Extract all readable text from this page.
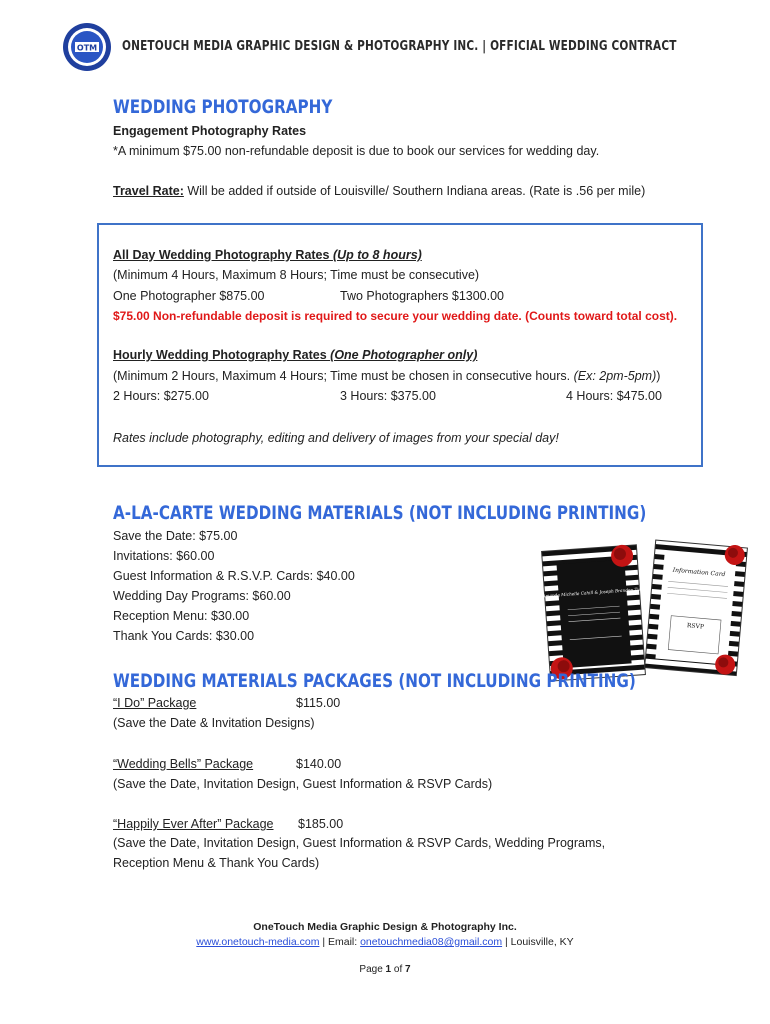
OTM ONETOUCH MEDIA GRAPHIC DESIGN & PHOTOGRAPHY INC. | OFFICIAL WEDDING CONTRACT
WEDDING PHOTOGRAPHY
Engagement Photography Rates
*A minimum $75.00 non-refundable deposit is due to book our services for wedding day.
Travel Rate: Will be added if outside of Louisville/ Southern Indiana areas. (Rate is .56 per mile)
All Day Wedding Photography Rates (Up to 8 hours)
(Minimum 4 Hours, Maximum 8 Hours; Time must be consecutive)
One Photographer $875.00	Two Photographers $1300.00
$75.00 Non-refundable deposit is required to secure your wedding date. (Counts toward total cost).
Hourly Wedding Photography Rates (One Photographer only)
(Minimum 2 Hours, Maximum 4 Hours; Time must be chosen in consecutive hours. (Ex: 2pm-5pm))
2 Hours: $275.00	3 Hours: $375.00	4 Hours: $475.00
Rates include photography, editing and delivery of images from your special day!
A-LA-CARTE WEDDING MATERIALS (NOT INCLUDING PRINTING)
Save the Date: $75.00
Invitations: $60.00
Guest Information & R.S.V.P. Cards: $40.00
Wedding Day Programs: $60.00
Reception Menu: $30.00
Thank You Cards: $30.00
Amanda Michelle Cahill & Joseph Brandon Tull
Information Card
RSVP
WEDDING MATERIALS PACKAGES (NOT INCLUDING PRINTING)
“I Do” Package	$115.00
(Save the Date & Invitation Designs)
“Wedding Bells” Package	$140.00
(Save the Date, Invitation Design, Guest Information & RSVP Cards)
“Happily Ever After” Package $185.00
(Save the Date, Invitation Design, Guest Information & RSVP Cards, Wedding Programs,
Reception Menu & Thank You Cards)
OneTouch Media Graphic Design & Photography Inc.
www.onetouch-media.com | Email: onetouchmedia08@gmail.com | Louisville, KY
Page 1 of 7
